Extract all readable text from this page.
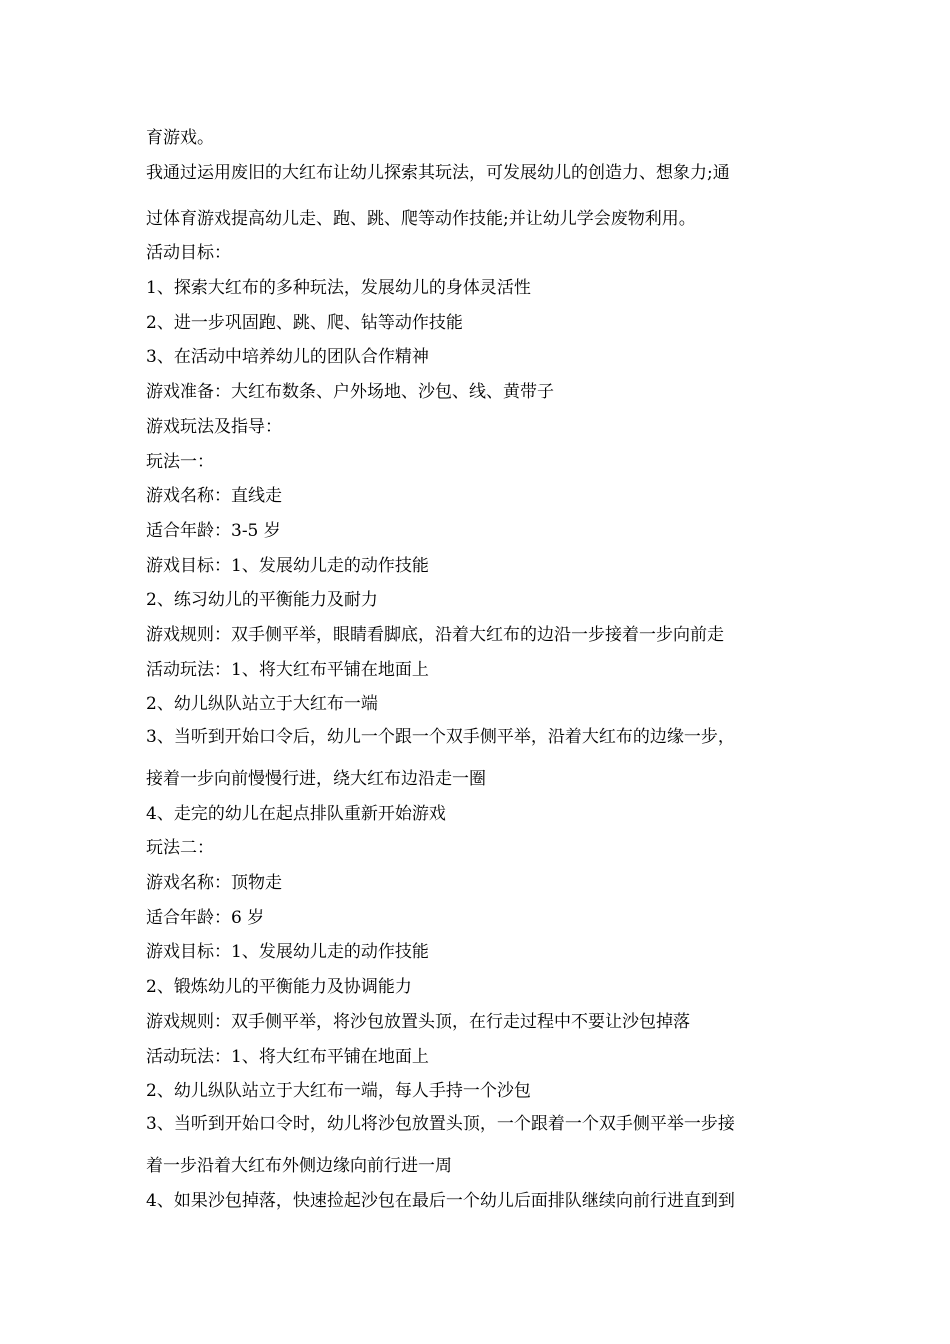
育游戏。
我通过运用废旧的大红布让幼儿探索其玩法，可发展幼儿的创造力、想象力;通
过体育游戏提高幼儿走、跑、跳、爬等动作技能;并让幼儿学会废物利用。
活动目标：
1、探索大红布的多种玩法，发展幼儿的身体灵活性
2、进一步巩固跑、跳、爬、钻等动作技能
3、在活动中培养幼儿的团队合作精神
游戏准备：大红布数条、户外场地、沙包、线、黄带子
游戏玩法及指导：
玩法一：
游戏名称：直线走
适合年龄：3-5 岁
游戏目标：1、发展幼儿走的动作技能
2、练习幼儿的平衡能力及耐力
游戏规则：双手侧平举，眼睛看脚底，沿着大红布的边沿一步接着一步向前走
活动玩法：1、将大红布平铺在地面上
2、幼儿纵队站立于大红布一端
3、当听到开始口令后，幼儿一个跟一个双手侧平举，沿着大红布的边缘一步，
接着一步向前慢慢行进，绕大红布边沿走一圈
4、走完的幼儿在起点排队重新开始游戏
玩法二：
游戏名称：顶物走
适合年龄：6 岁
游戏目标：1、发展幼儿走的动作技能
2、锻炼幼儿的平衡能力及协调能力
游戏规则：双手侧平举，将沙包放置头顶，在行走过程中不要让沙包掉落
活动玩法：1、将大红布平铺在地面上
2、幼儿纵队站立于大红布一端，每人手持一个沙包
3、当听到开始口令时，幼儿将沙包放置头顶，一个跟着一个双手侧平举一步接
着一步沿着大红布外侧边缘向前行进一周
4、如果沙包掉落，快速捡起沙包在最后一个幼儿后面排队继续向前行进直到到
